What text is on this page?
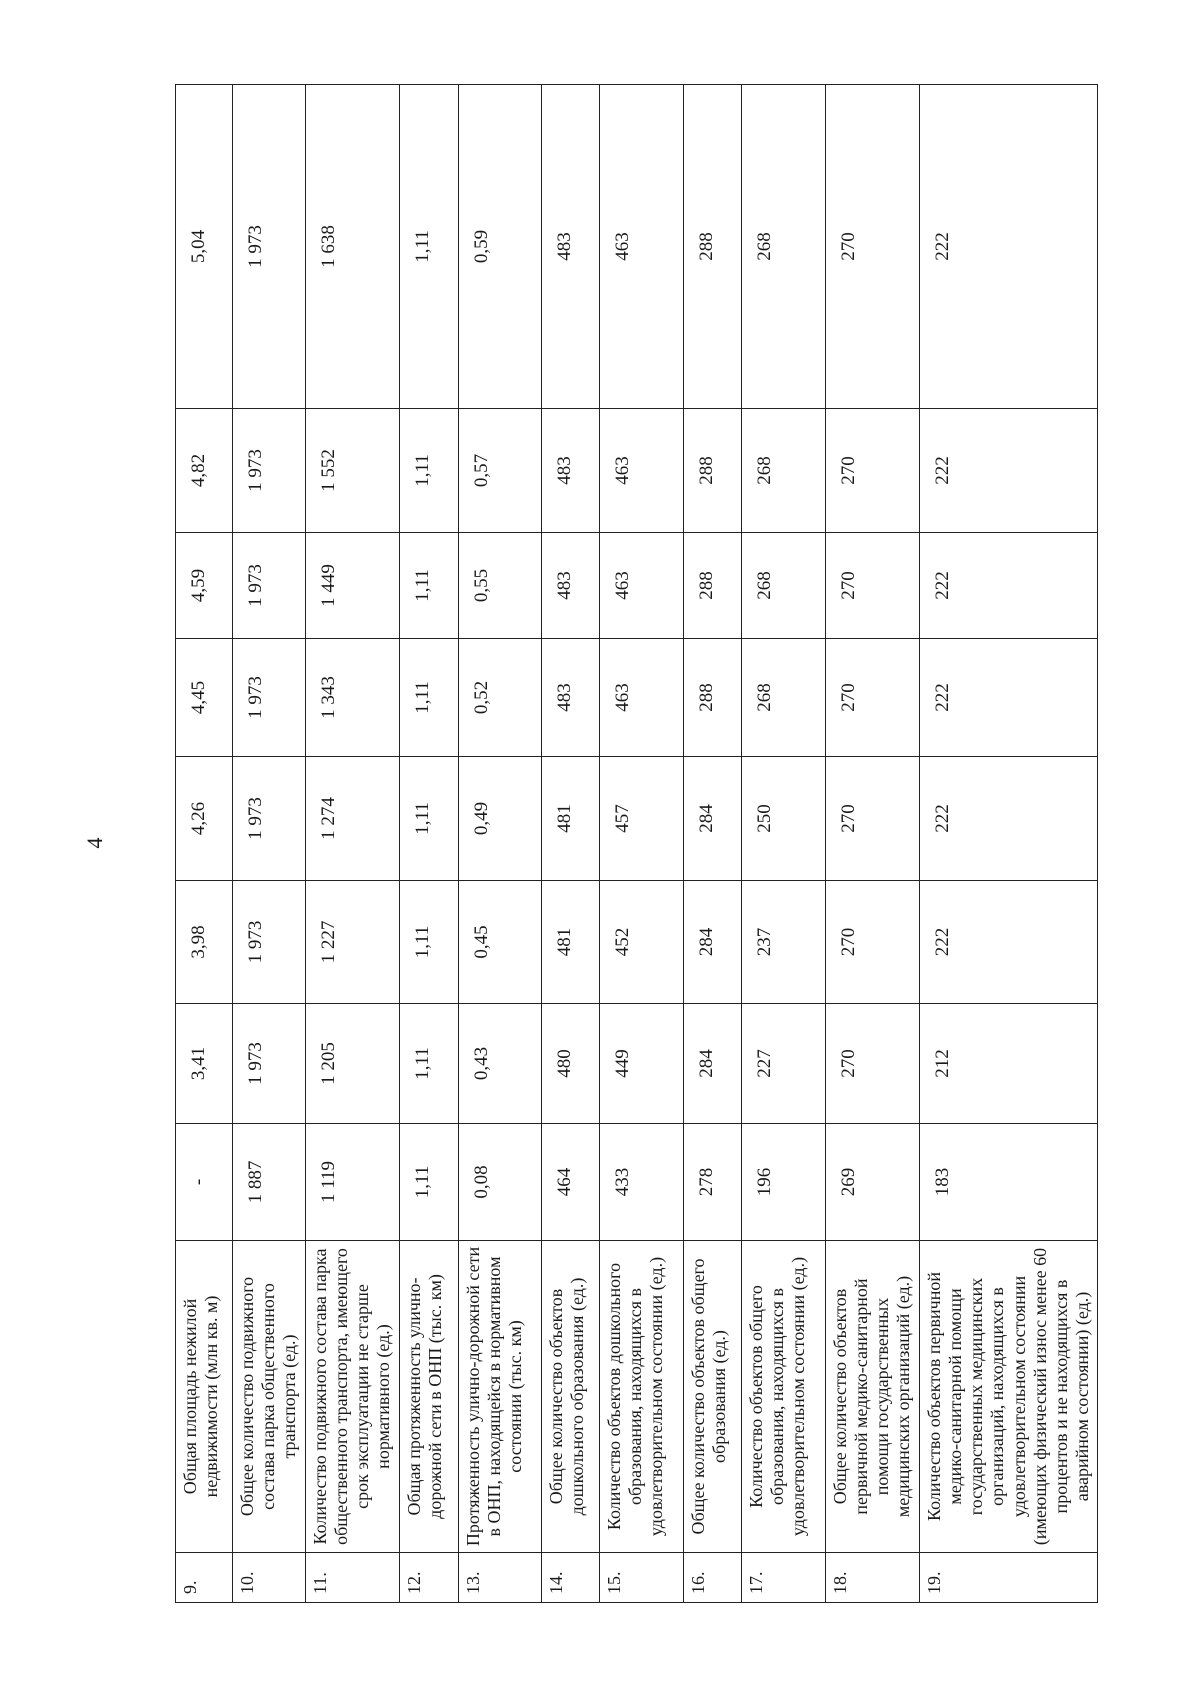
4
9.	Общая площадь нежилой недвижимости (млн кв. м)	-	3,41	3,98	4,26	4,45	4,59	4,82	5,04	
10.	Общее количество подвижного состава парка общественного транспорта (ед.)	1 887	1 973	1 973	1 973	1 973	1 973	1 973	1 973	
11.	Количество подвижного состава парка общественного транспорта, имеющего срок эксплуатации не старше нормативного (ед.)	1 119	1 205	1 227	1 274	1 343	1 449	1 552	1 638	
12.	Общая протяженность улично-дорожной сети в ОНП (тыс. км)	1,11	1,11	1,11	1,11	1,11	1,11	1,11	1,11	
13.	Протяженность улично-дорожной сети в ОНП, находящейся в нормативном состоянии (тыс. км)	0,08	0,43	0,45	0,49	0,52	0,55	0,57	0,59	
14.	Общее количество объектов дошкольного образования (ед.)	464	480	481	481	483	483	483	483	
15.	Количество объектов дошкольного образования, находящихся в удовлетворительном состоянии (ед.)	433	449	452	457	463	463	463	463	
16.	Общее количество объектов общего образования (ед.)	278	284	284	284	288	288	288	288	
17.	Количество объектов общего образования, находящихся в удовлетворительном состоянии (ед.)	196	227	237	250	268	268	268	268	
18.	Общее количество объектов первичной медико-санитарной помощи государственных медицинских организаций (ед.)	269	270	270	270	270	270	270	270	
19.	Количество объектов первичной медико-санитарной помощи государственных медицинских организаций, находящихся в удовлетворительном состоянии (имеющих физический износ менее 60 процентов и не находящихся в аварийном состоянии) (ед.)	183	212	222	222	222	222	222	222	
